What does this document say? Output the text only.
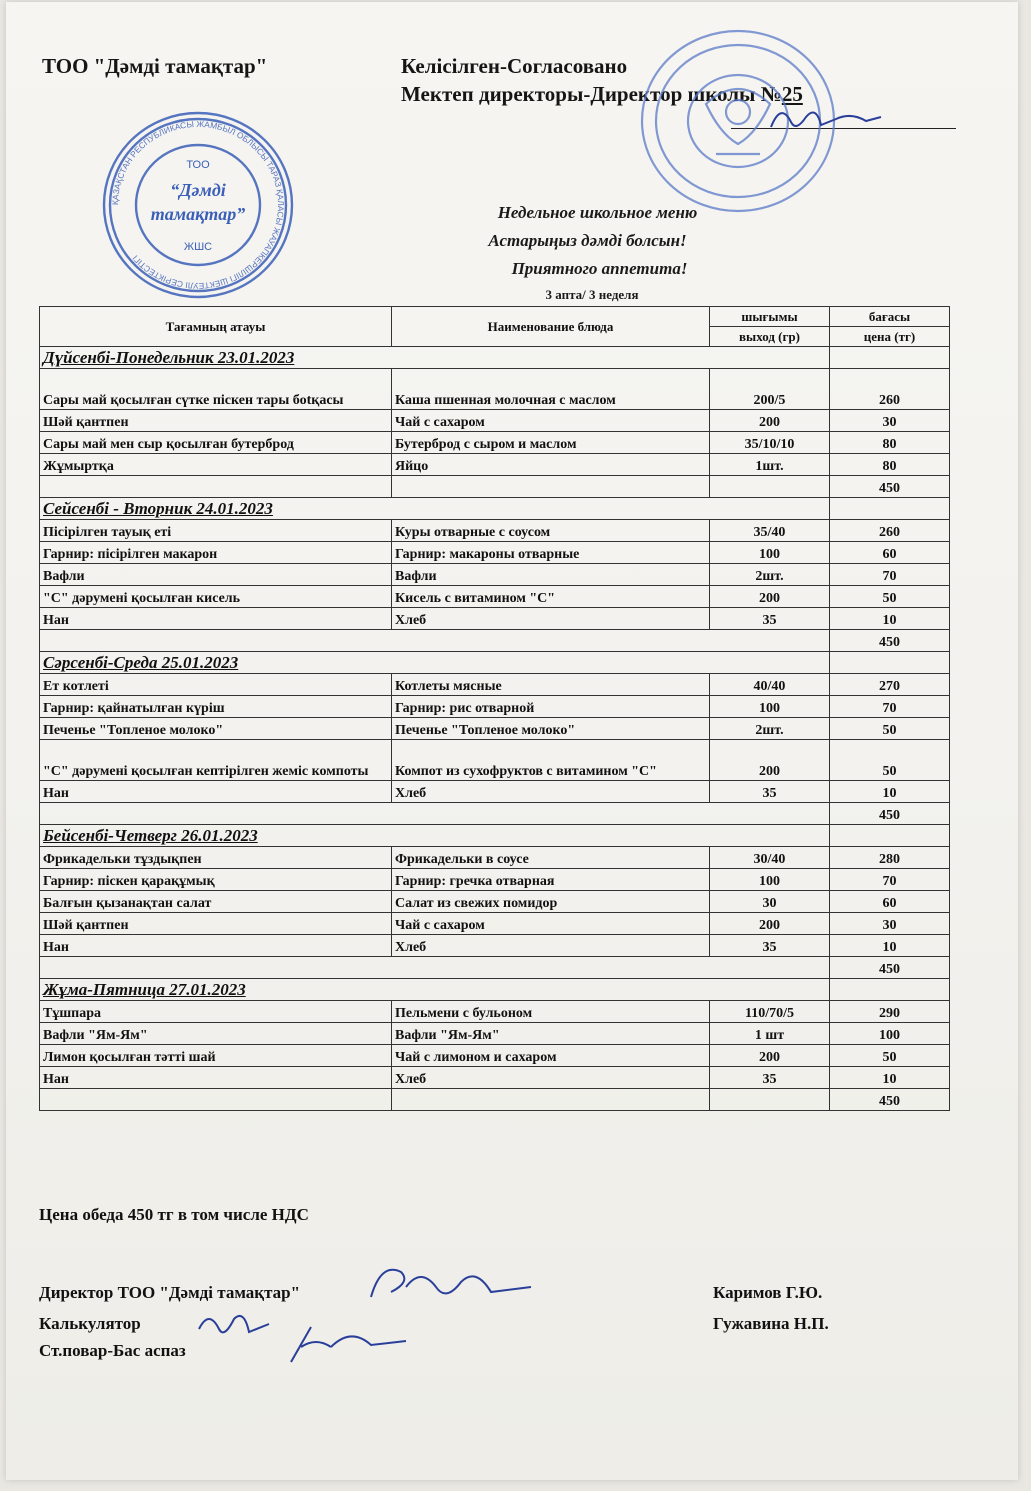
ТОО "Дәмді тамақтар"	Келісілген-Согласовано
Мектеп директоры-Директор школы №25
ҚАЗАҚСТАН РЕСПУБЛИКАСЫ ЖАМБЫЛ ОБЛЫСЫ ТАРАЗ ҚАЛАСЫ ЖАУАПКЕРШІЛІГІ ШЕКТЕУЛІ СЕРІКТЕСТІГІ
ТОО
“Дәмді
тамақтар”
ЖШС
Недельное школьное меню
Астарыңыз дәмді болсын!
Приятного аппетита!
3 апта/ 3 неделя
Тағамның атауы	Наименование блюда	шығымы	бағасы
		выход (гр)	цена (тг)
Дүйсенбі-Понедельник 23.01.2023			
Сары май қосылған сүтке піскен тары боtқасы	Каша пшенная молочная с маслом	200/5	260
Шәй қантпен	Чай с сахаром	200	30
Сары май мен сыр қосылған бутерброд	Бутерброд с сыром и маслом	35/10/10	80
Жұмыртқа	Яйцо	1шт.	80
			450
Сейсенбі - Вторник 24.01.2023			
Пісірілген тауық еті	Куры отварные с соусом	35/40	260
Гарнир: пісірілген макарон	Гарнир: макароны отварные	100	60
Вафли	Вафли	2шт.	70
"С" дәрумені қосылған кисель	Кисель с витамином "С"	200	50
Нан	Хлеб	35	10
			450
Сәрсенбі-Среда 25.01.2023			
Ет котлеті	Котлеты мясные	40/40	270
Гарнир: қайнатылған күріш	Гарнир: рис отварной	100	70
Печенье "Топленое молоко"	Печенье "Топленое молоко"	2шт.	50
"С" дәрумені қосылған кептірілген жеміс компоты	Компот из сухофруктов с витамином "С"	200	50
Нан	Хлеб	35	10
			450
Бейсенбі-Четверг 26.01.2023			
Фрикадельки тұздықпен	Фрикадельки в соусе	30/40	280
Гарнир: піскен қарақұмық	Гарнир: гречка отварная	100	70
Балғын қызанақтан салат	Салат из свежих помидор	30	60
Шәй қантпен	Чай с сахаром	200	30
Нан	Хлеб	35	10
			450
Жұма-Пятница 27.01.2023			
Тұшпара	Пельмени с бульоном	110/70/5	290
Вафли "Ям-Ям"	Вафли "Ям-Ям"	1 шт	100
Лимон қосылған тәтті шай	Чай с лимоном и сахаром	200	50
Нан	Хлеб	35	10
			450
Цена обеда 450 тг в том числе НДС
Директор ТОО "Дәмді тамақтар"
Калькулятор
Ст.повар-Бас аспаз
Каримов Г.Ю.
Гужавина Н.П.
